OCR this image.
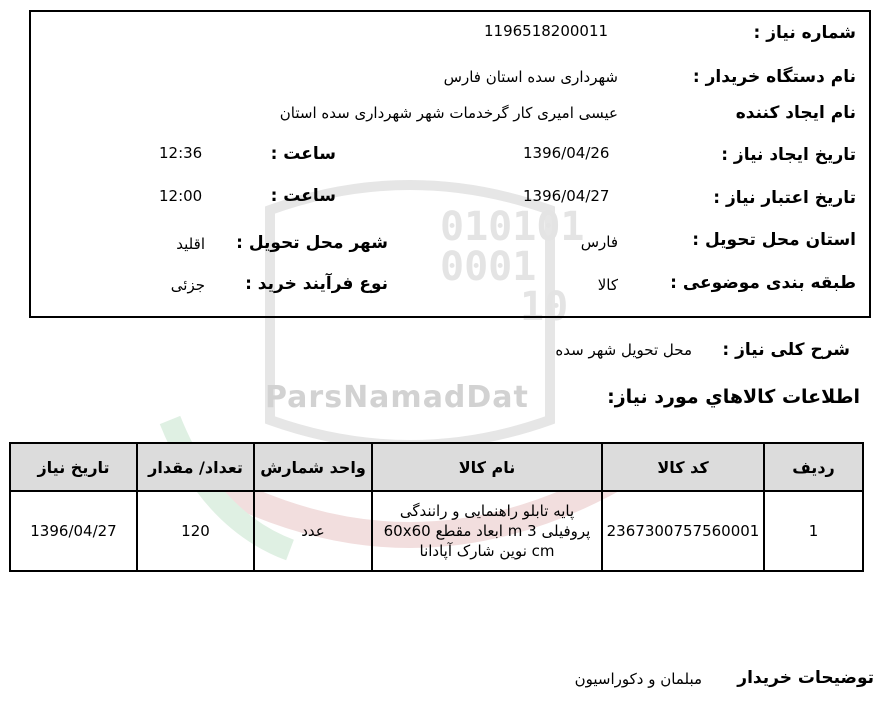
010101
0001
10
ParsNamadDat
شماره نیاز :
1196518200011
نام دستگاه خریدار :
شهرداری سده استان فارس
نام ایجاد کننده
عیسی امیری کار گرخدمات شهر شهرداری سده استان
تاریخ ایجاد نیاز :
1396/04/26
ساعت :
12:36
تاریخ اعتبار نیاز :
1396/04/27
ساعت :
12:00
استان محل تحویل :
فارس
شهر محل تحویل :
اقلید
طبقه بندی موضوعی :
کالا
نوع فرآیند خرید :
جزئی
شرح کلی نیاز :
محل تحویل شهر سده
اطلاعات کالاهاي مورد نیاز:
ردیف	کد کالا	نام کالا	واحد شمارش	تعداد/ مقدار	تاریخ نیاز
1	2367300757560001	پایه تابلو راهنمایی و رانندگی پروفیلی 3 m ابعاد مقطع 60x60 cm نوین شارک آپادانا	عدد	120	1396/04/27
توضیحات خریدار
مبلمان و دکوراسیون
